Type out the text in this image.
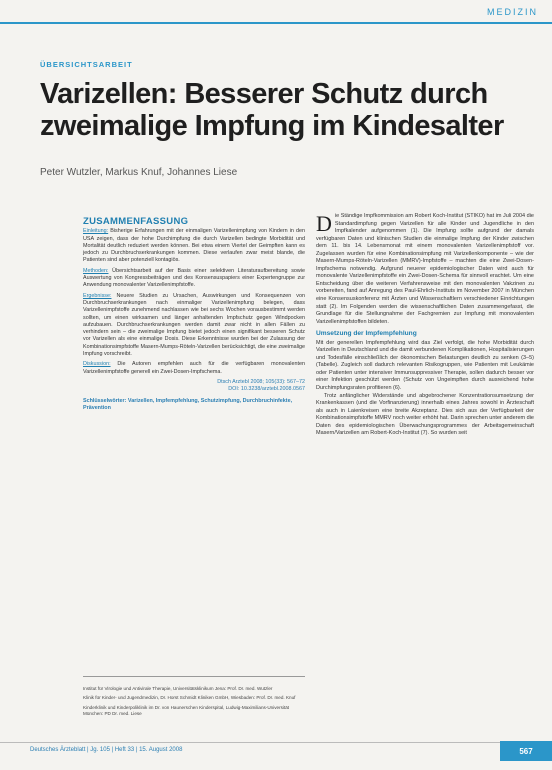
MEDIZIN
ÜBERSICHTSARBEIT
Varizellen: Besserer Schutz durch zweimalige Impfung im Kindesalter
Peter Wutzler, Markus Knuf, Johannes Liese
ZUSAMMENFASSUNG

Einleitung: Bisherige Erfahrungen mit der einmaligen Varizellenimpfung von Kindern in den USA zeigen, dass der hohe Durchimpfung die durch Varizellen bedingte Morbidität und Mortalität deutlich reduziert werden können. Bei etwa einem Viertel der Geimpften kann es jedoch zu Durchbruchserkrankungen kommen. Diese verlaufen zwar meist blande, die Patienten sind aber potenziell kontagiös.

Methoden: Übersichtsarbeit auf der Basis einer selektiven Literaturaufbereitung sowie Auswertung von Kongressbeiträgen und des Konsensuspapiers einer Expertengruppe zur Anwendung monovalenter Varizellenimpfstoffe.

Ergebnisse: Neuere Studien zu Ursachen, Auswirkungen und Konsequenzen von Durchbruchserkrankungen nach einmaliger Varizellenimpfung belegen, dass Varizellenimpfstoffe zunehmend nachlassen wie bei sechs Wochen vorausbestimmt werden sollten, um einen wirksamen und länger anhaltenden Impfschutz gegen Windpocken aufzubauen. Durchbruchserkrankungen werden damit zwar nicht in allen Fällen zu verhindern sein – die zweimalige Impfung bietet jedoch einen signifikant besseren Schutz vor Varizellen als eine einmalige Dosis. Diese Erkenntnisse wurden bei der Zulassung der Kombinationsimpfstoffe Masern-Mumps-Röteln-Varizellen berücksichtigt, die eine zweimalige Impfung vorschreibt.

Diskussion: Die Autoren empfehlen auch für die verfügbaren monovalenten Varizellenimpfstoffe generell ein Zwei-Dosen-Impfschema.

Dtsch Arztebl 2008; 105(33): 567–72
DOI: 10.3238/arztebl.2008.0567
Schlüsselwörter: Varizellen, Impfempfehlung, Schutzimpfung, Durchbruchinfekte, Prävention

Institut für Virologie und Antivirale Therapie, Universitätsklinikum Jena: Prof. Dr. med. Wutzler

Klinik für Kinder- und Jugendmedizin, Dr. Horst Schmidt Kliniken GmbH, Wiesbaden: Prof. Dr. med. Knuf

Kinderklinik und Kinderpoliklinik im Dr. von Haunerschen Kinderspital, Ludwig-Maximilians-Universität München: PD Dr. med. Liese

Die Ständige Impfkommission am Robert Koch-Institut (STIKO) hat im Juli 2004 die Standardimpfung gegen Varizellen für alle Kinder und Jugendliche in den Impfkalender aufgenommen (1). Die Impfung sollte aufgrund der damals verfügbaren Daten und klinischen Studien die einmalige Impfung der Kinder zwischen dem 11. bis 14. Lebensmonat mit einem monovalenten Varizellenimpfstoff vor. Zugelassen wurden für eine Kombinationsimpfung mit Varizellenkomponente – wie der Masern-Mumps-Röteln-Varizellen (MMRV)-Impfstoffe – machten die eine Zwei-Dosen-Impfschema notwendig. Aufgrund neuerer epidemiologischer Daten wird auch für monovalente Varizellenimpfstoffe ein Zwei-Dosen-Schema für sinnvoll erachtet. Um eine Entscheidung über die weiteren Verfahrensweise mit den monovalenten Vakzinen zu vorbereiten, fand auf Anregung des Paul-Ehrlich-Instituts im November 2007 in München eine Konsensuskonferenz mit Ärzten und Wissenschaftlern verschiedener Einrichtungen statt (2). Im Folgenden werden die wissenschaftlichen Daten zusammengefasst, die Grundlage für die Stellungnahme der Fachgremien zur Impfung mit monovalenten Varizellenimpfstoffen bildeten.

Umsetzung der Impfempfehlung

Mit der generellen Impfempfehlung wird das Ziel verfolgt, die hohe Morbidität durch Varizellen in Deutschland und die damit verbundenen Komplikationen, Hospitalisierungen und Todesfälle einschließlich der ökonomischen Belastungen deutlich zu senken (3–5) (Tabelle). Zugleich soll dadurch relevanten Risikogruppen, wie Patienten mit Leukämie oder Patienten unter intensiver Immunsuppressiver Therapie, sollen dadurch besser vor einer Infektion geschützt werden (Schutz von Ungeimpften durch ausreichend hohe Durchimpfungsraten profitieren (6).

Trotz anfänglicher Widerstände und abgebrochener Konzentrationsumsetzung der Krankenkassen (und die Vorfinanzierung) innerhalb eines Jahres sowohl in Ärzteschaft als auch in Laienkreisen eine breite Akzeptanz. Dies sich aus der Verfügbarkeit der Kombinationsimpfstoffe MMRV noch weiter erhöht hat. Darin sprechen unter anderem die Daten des epidemiologischen Überwachungsprogrammes der Arbeitsgemeinschaft Masern/Varizellen am Robert-Koch-Institut (7). So wurden seit

Deutsches Ärzteblatt | Jg. 105 | Heft 33 | 15. August 2008	567
